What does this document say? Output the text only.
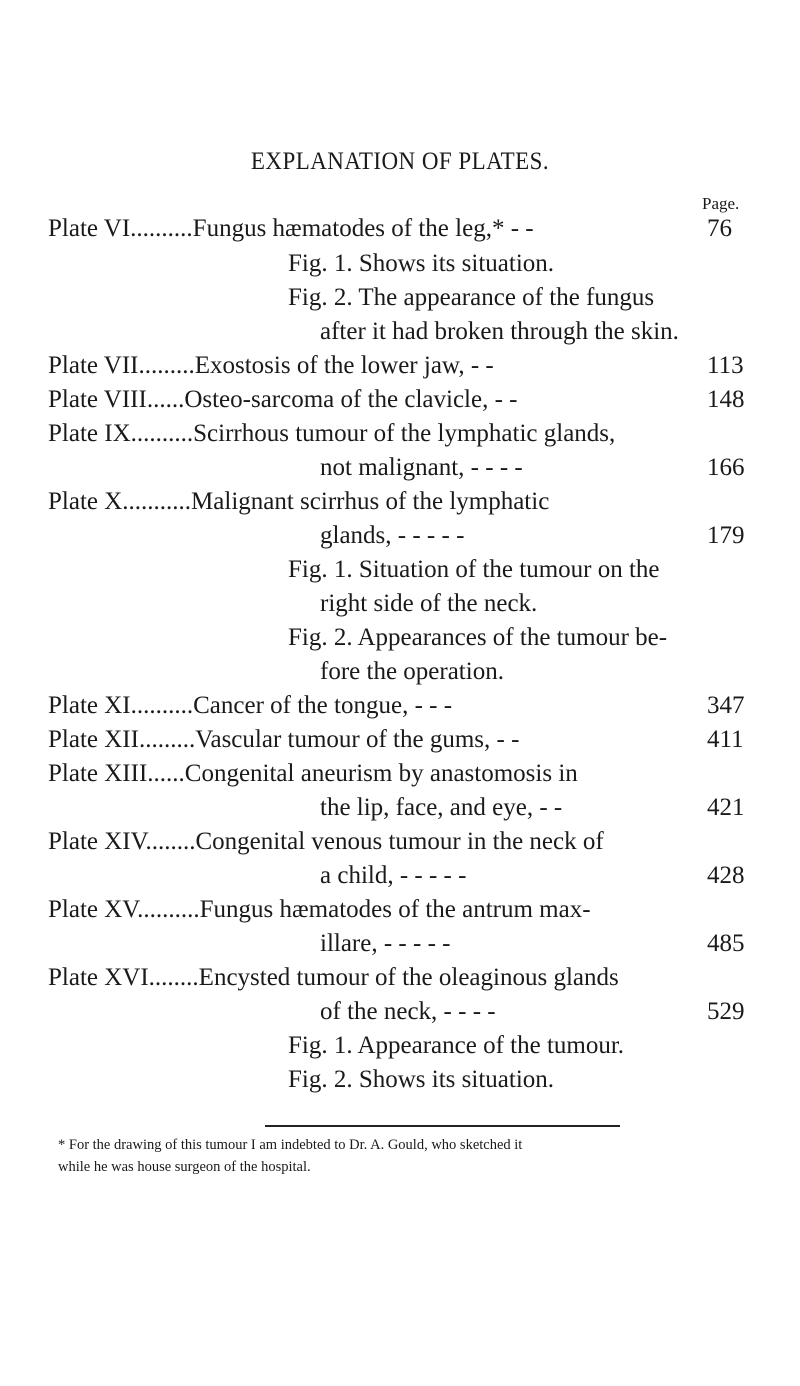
EXPLANATION OF PLATES.
Page.
Plate VI..........Fungus hæmatodes of the leg,* - -	76
Fig. 1. Shows its situation.
Fig. 2. The appearance of the fungus
after it had broken through the skin.
Plate VII.........Exostosis of the lower jaw, - -	113
Plate VIII......Osteo-sarcoma of the clavicle, - -	148
Plate IX..........Scirrhous tumour of the lymphatic glands,
not malignant, - - - -	166
Plate X...........Malignant scirrhus of the lymphatic
glands, - - - - -	179
Fig. 1. Situation of the tumour on the
right side of the neck.
Fig. 2. Appearances of the tumour be-
fore the operation.
Plate XI..........Cancer of the tongue, - - -	347
Plate XII.........Vascular tumour of the gums, - -	411
Plate XIII......Congenital aneurism by anastomosis in
the lip, face, and eye, - -	421
Plate XIV........Congenital venous tumour in the neck of
a child, - - - - -	428
Plate XV..........Fungus hæmatodes of the antrum max-
illare, - - - - -	485
Plate XVI........Encysted tumour of the oleaginous glands
of the neck, - - - -	529
Fig. 1. Appearance of the tumour.
Fig. 2. Shows its situation.
* For the drawing of this tumour I am indebted to Dr. A. Gould, who sketched it
while he was house surgeon of the hospital.
